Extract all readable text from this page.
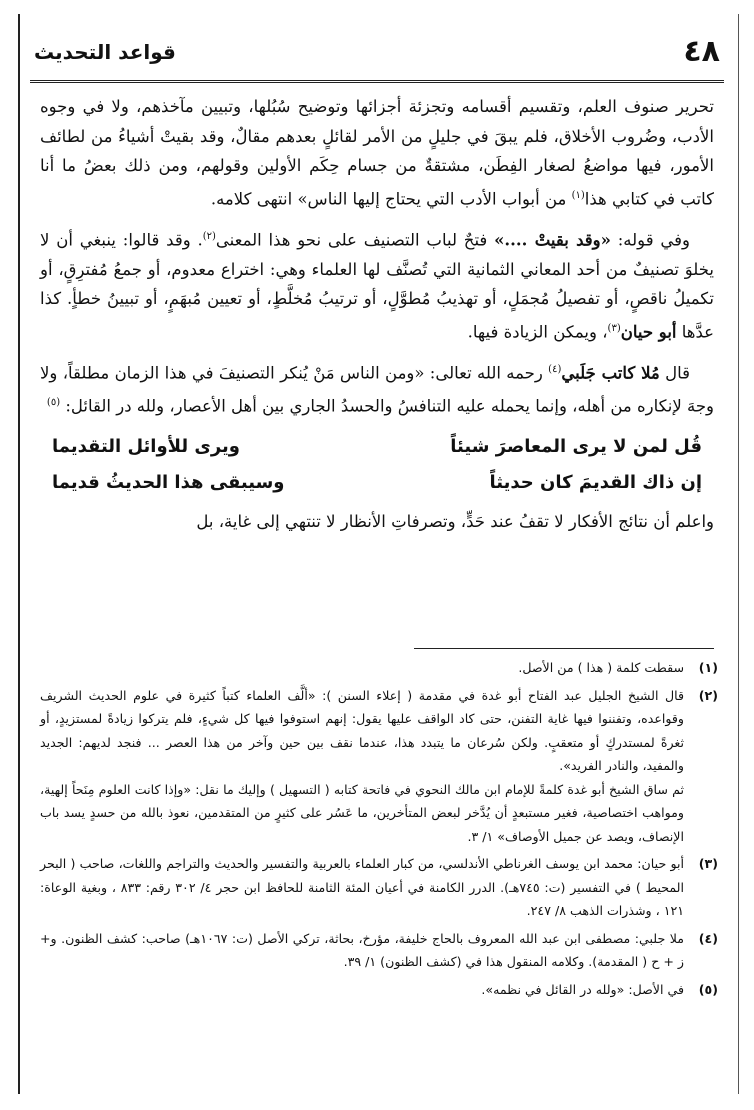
٤٨
قواعد التحديث

تحرير صنوف العلم، وتقسيم أقسامه وتجزئة أجزائها وتوضيح سُبُلها، وتبيين مآخذهم، ولا في وجوه الأدب، وضُروب الأخلاق، فلم يبقَ في جليلٍ من الأمر لقائلٍ بعدهم مقالٌ، وقد بقيتْ أشياءُ من لطائف الأمور، فيها مواضعُ لصغار الفِطَن، مشتقةٌ من جسام حِكَم الأولين وقولهم، ومن ذلك بعضُ ما أنا كاتب في كتابي هذا$^{(١)}$ من أبواب الأدب التي يحتاج إليها الناس» انتهى كلامه.

وفي قوله: «وقد بقيتْ ....» فتحٌ لباب التصنيف على نحو هذا المعنى$^{(٢)}$. وقد قالوا: ينبغي أن لا يخلوَ تصنيفٌ من أحد المعاني الثمانية التي تُصنَّف لها العلماء وهي: اختراع معدوم، أو جمعُ مُفترِقٍ، أو تكميلُ ناقصٍ، أو تفصيلُ مُجمَلٍ، أو تهذيبُ مُطوَّلٍ، أو ترتيبُ مُخلَّطٍ، أو تعيين مُبهَمٍ، أو تبيينُ خطأٍ. كذا عدَّها أبو حيان$^{(٣)}$، ويمكن الزيادة فيها.

قال مُلا كاتب جَلَبي$^{(٤)}$ رحمه الله تعالى: «ومن الناس مَنْ يُنكر التصنيفَ في هذا الزمان مطلقاً، ولا وجهَ لإنكاره من أهله، وإنما يحمله عليه التنافسُ والحسدُ الجاري بين أهل الأعصار، ولله در القائل: $^{(٥)}$

قُل لمن لا يرى المعاصرَ شيئاً
ويرى للأوائل التقديما
إن ذاك القديمَ كان حديثاً
وسيبقى هذا الحديثُ قديما

واعلم أن نتائج الأفكار لا تقفُ عند حَدٍّ، وتصرفاتِ الأنظار لا تنتهي إلى غاية، بل

(١)
سقطت كلمة ( هذا ) من الأصل.
(٢)
قال الشيخ الجليل عبد الفتاح أبو غدة في مقدمة ( إعلاء السنن ): «ألَّف العلماء كتباً كثيرة في علوم الحديث الشريف وقواعده، وتفننوا فيها غاية التفنن، حتى كاد الواقف عليها يقول: إنهم استوفوا فيها كل شيءٍ، فلم يتركوا زيادةً لمستزيدٍ، أو ثغرةً لمستدركٍ أو متعقبٍ. ولكن سُرعان ما يتبدد هذا، عندما نقف بين حين وآخر من هذا العصر ... فنجد لديهم: الجديد والمفيد، والنادر الفريد».
ثم ساق الشيخ أبو غدة كلمةً للإمام ابن مالك النحوي في فاتحة كتابه ( التسهيل ) وإليك ما نقل: «وإذا كانت العلوم مِنَحاً إلهية، ومواهب اختصاصية، فغير مستبعدٍ أن يُدَّخر لبعض المتأخرين، ما عَسُر على كثيرٍ من المتقدمين، نعوذ بالله من حسدٍ يسد باب الإنصاف، ويصد عن جميل الأوصاف» ١/ ٣.
(٣)
أبو حيان: محمد ابن يوسف الغرناطي الأندلسي، من كبار العلماء بالعربية والتفسير والحديث والتراجم واللغات، صاحب ( البحر المحيط ) في التفسير (ت: ٧٤٥هـ). الدرر الكامنة في أعيان المئة الثامنة للحافظ ابن حجر ٤/ ٣٠٢ رقم: ٨٣٣ ، وبغية الوعاة: ١٢١ ، وشذرات الذهب ٨/ ٢٤٧.
(٤)
ملا جلبي: مصطفى ابن عبد الله المعروف بالحاج خليفة، مؤرخ، بحاثة، تركي الأصل (ت: ١٠٦٧هـ) صاحب: كشف الظنون. و+ ز + ح ( المقدمة). وكلامه المنقول هذا في (كشف الظنون) ١/ ٣٩.
(٥)
في الأصل: «ولله در القائل في نظمه».
